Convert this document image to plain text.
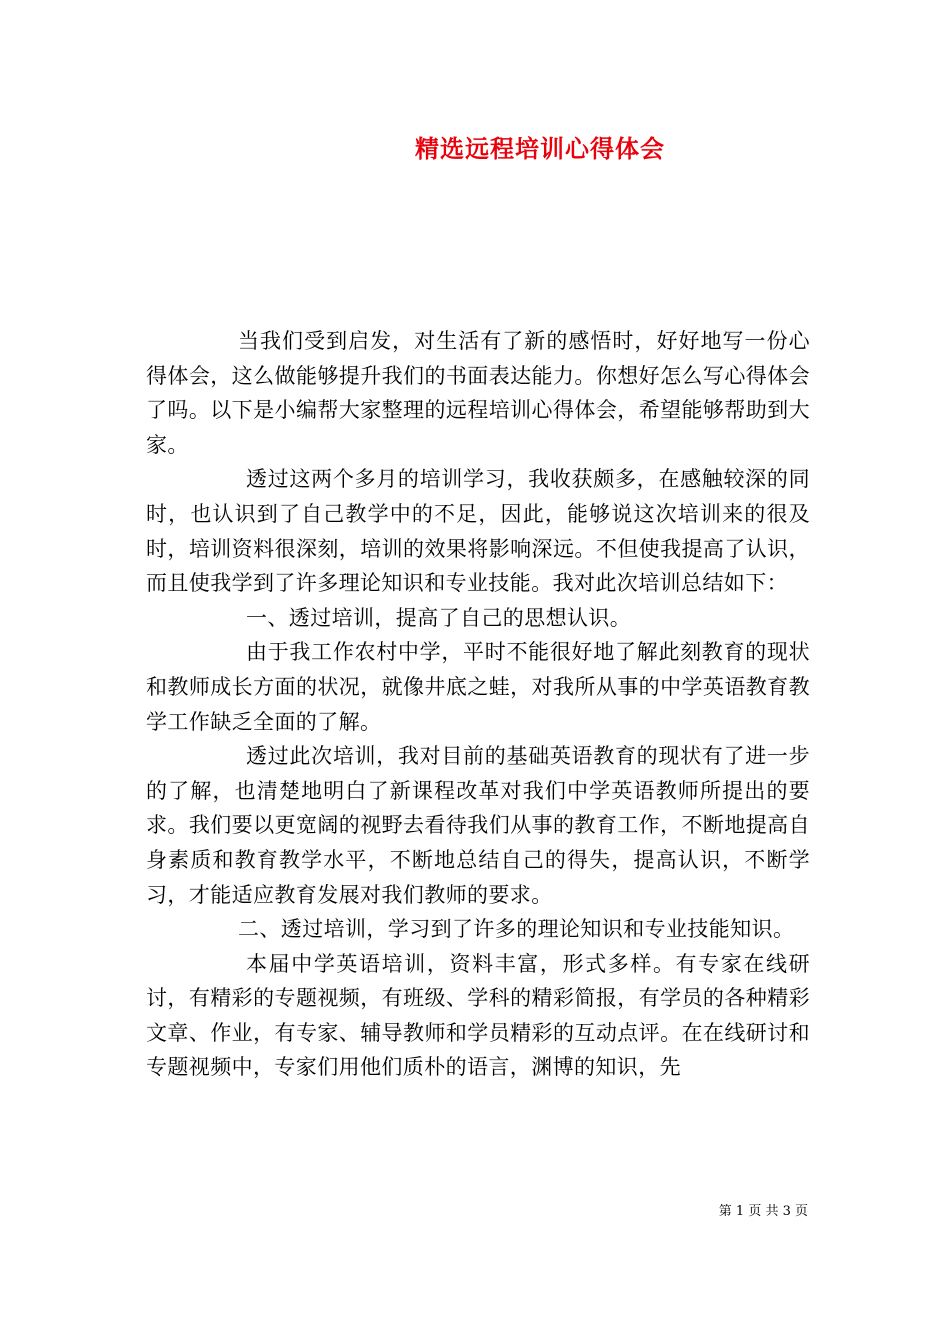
精选远程培训心得体会

当我们受到启发，对生活有了新的感悟时，好好地写一份心得体会，这么做能够提升我们的书面表达能力。你想好怎么写心得体会了吗。以下是小编帮大家整理的远程培训心得体会，希望能够帮助到大家。

透过这两个多月的培训学习，我收获颇多，在感触较深的同时，也认识到了自己教学中的不足，因此，能够说这次培训来的很及时，培训资料很深刻，培训的效果将影响深远。不但使我提高了认识，而且使我学到了许多理论知识和专业技能。我对此次培训总结如下：

一、透过培训，提高了自己的思想认识。

由于我工作农村中学，平时不能很好地了解此刻教育的现状和教师成长方面的状况，就像井底之蛙，对我所从事的中学英语教育教学工作缺乏全面的了解。

透过此次培训，我对目前的基础英语教育的现状有了进一步的了解，也清楚地明白了新课程改革对我们中学英语教师所提出的要求。我们要以更宽阔的视野去看待我们从事的教育工作，不断地提高自身素质和教育教学水平，不断地总结自己的得失，提高认识，不断学习，才能适应教育发展对我们教师的要求。

二、透过培训，学习到了许多的理论知识和专业技能知识。

本届中学英语培训，资料丰富，形式多样。有专家在线研讨，有精彩的专题视频，有班级、学科的精彩简报，有学员的各种精彩文章、作业，有专家、辅导教师和学员精彩的互动点评。在在线研讨和专题视频中，专家们用他们质朴的语言，渊博的知识，先

第 1 页 共 3 页
